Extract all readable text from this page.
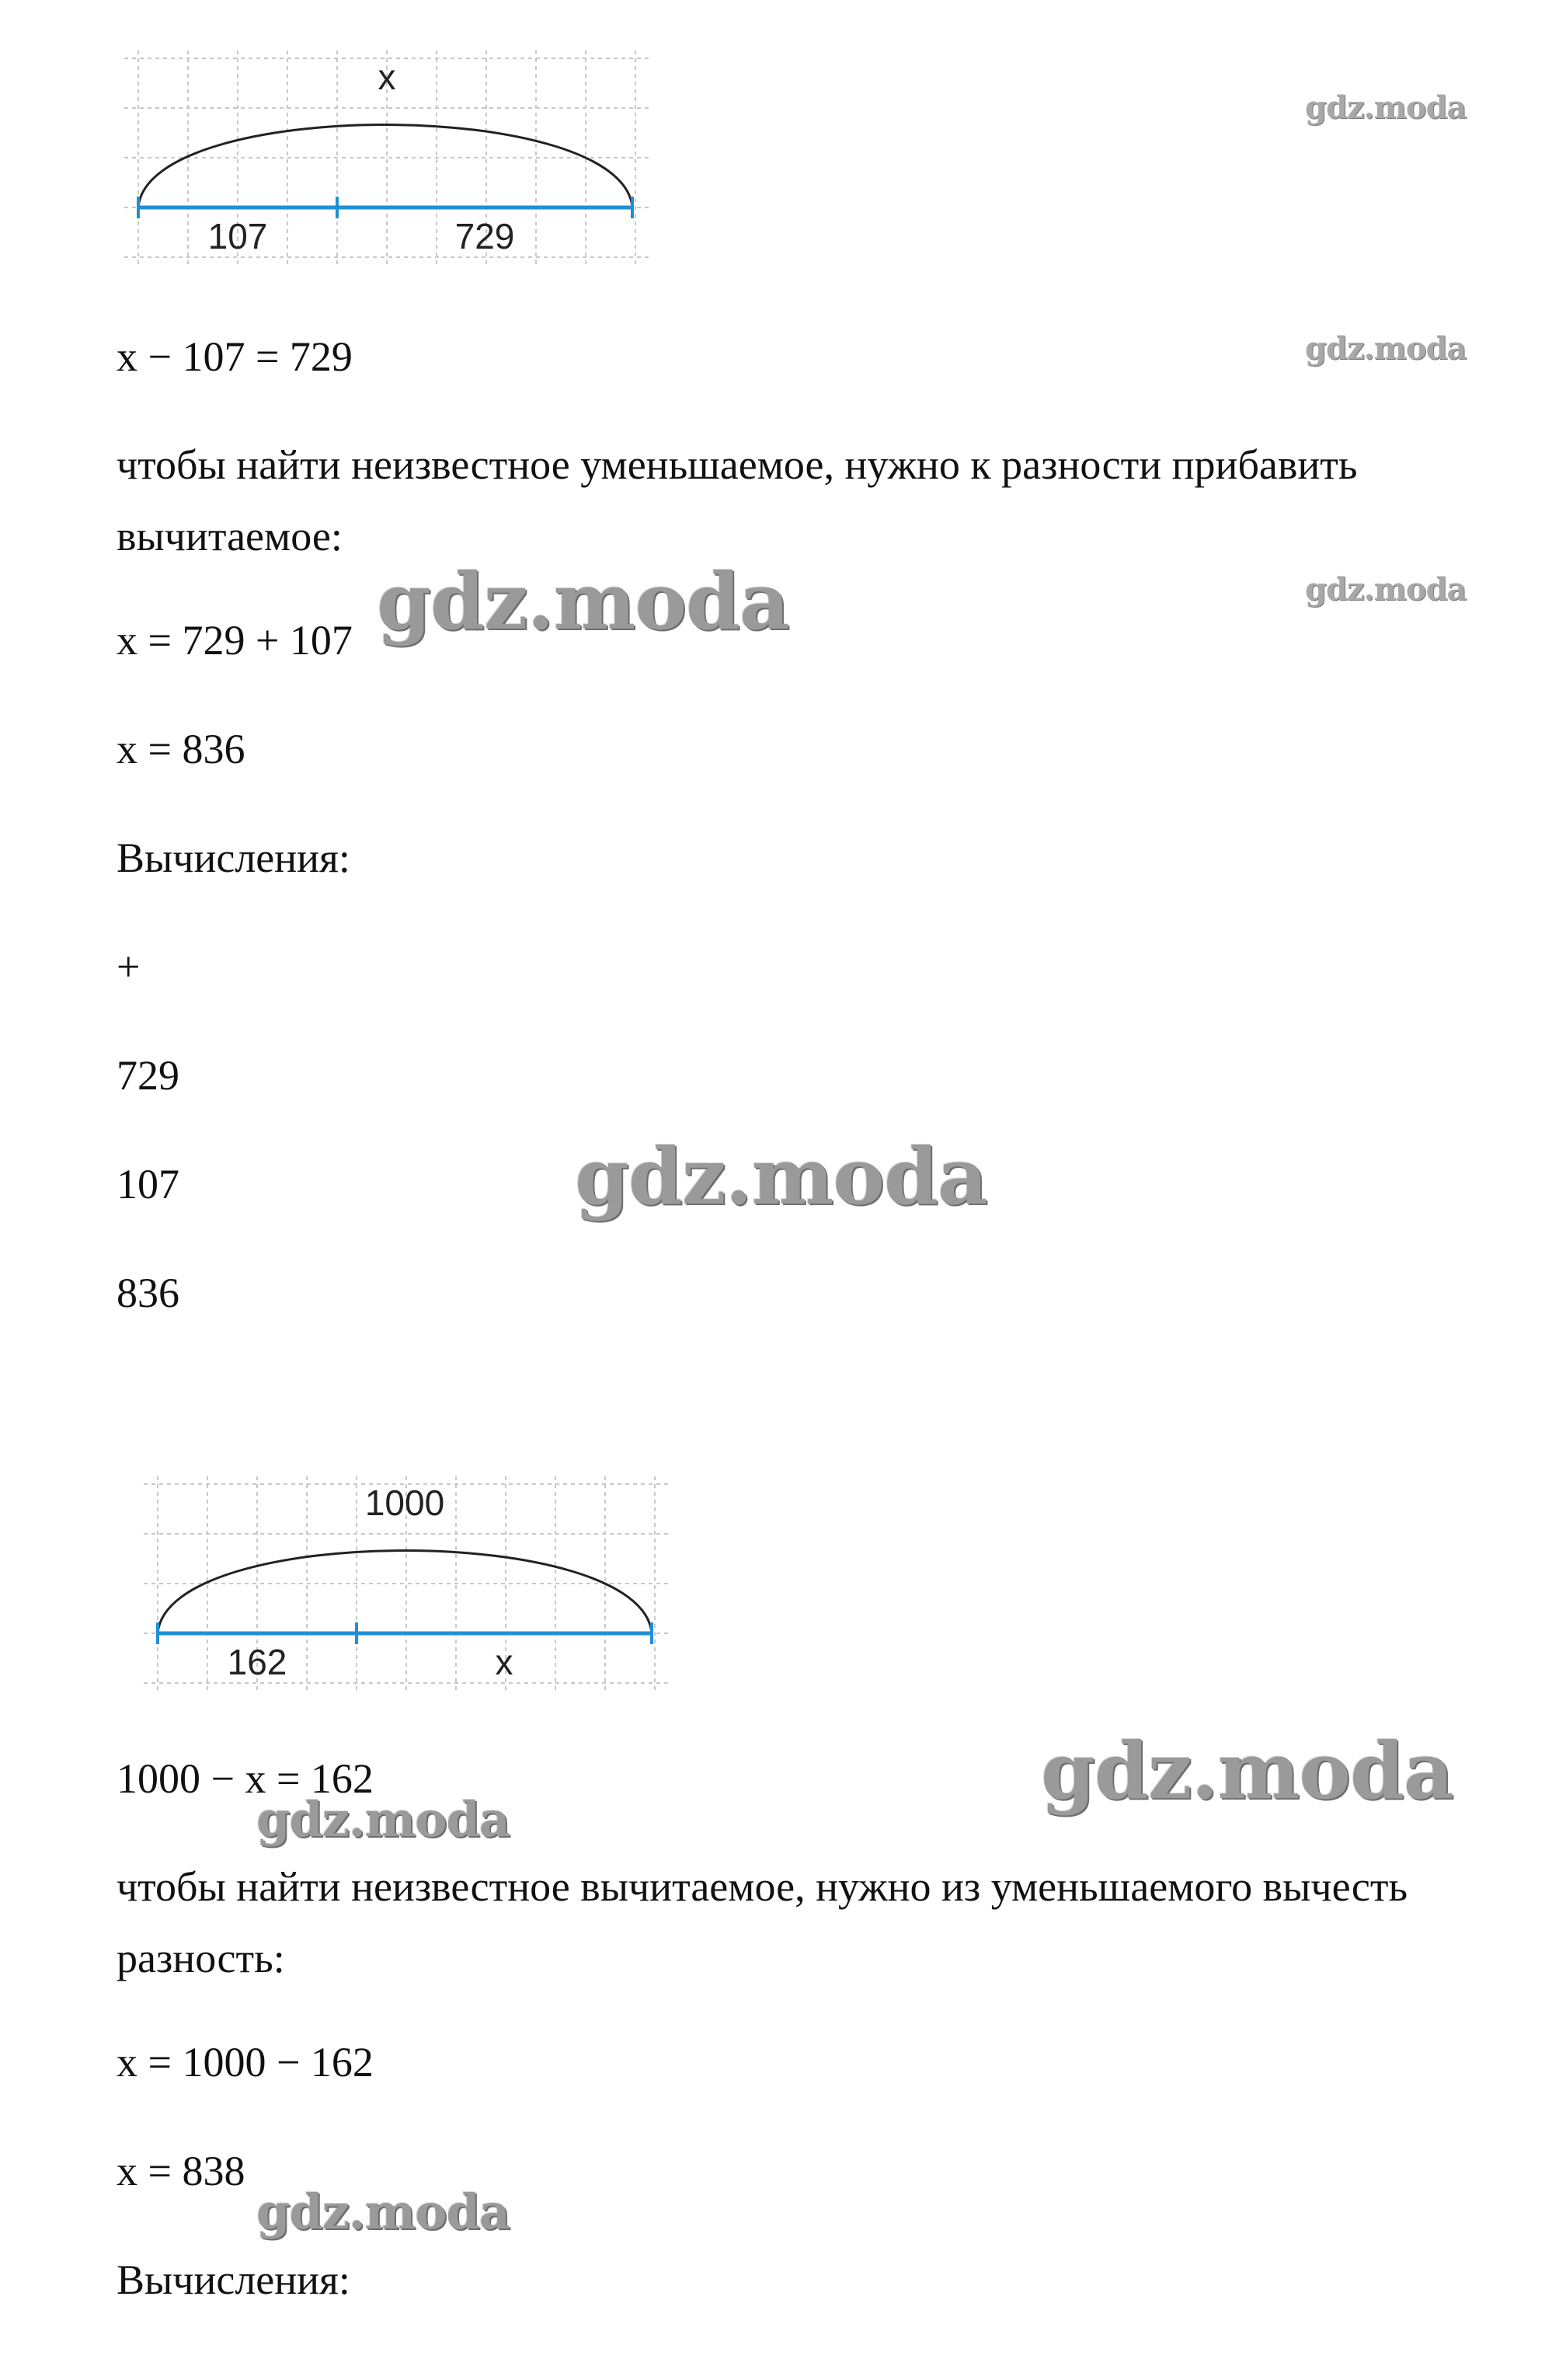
x
107	729
x − 107 = 729
чтобы найти неизвестное уменьшаемое, нужно к разности прибавить вычитаемое:
x = 729 + 107
x = 836
Вычисления:
+
729
107
836
1000
162	x
1000 − x = 162
чтобы найти неизвестное вычитаемое, нужно из уменьшаемого вычесть разность:
x = 1000 − 162
x = 838
Вычисления:
gdz.moda
gdz.moda
gdz.moda
gdz.moda
gdz.moda
gdz.moda
gdz.moda
gdz.moda
